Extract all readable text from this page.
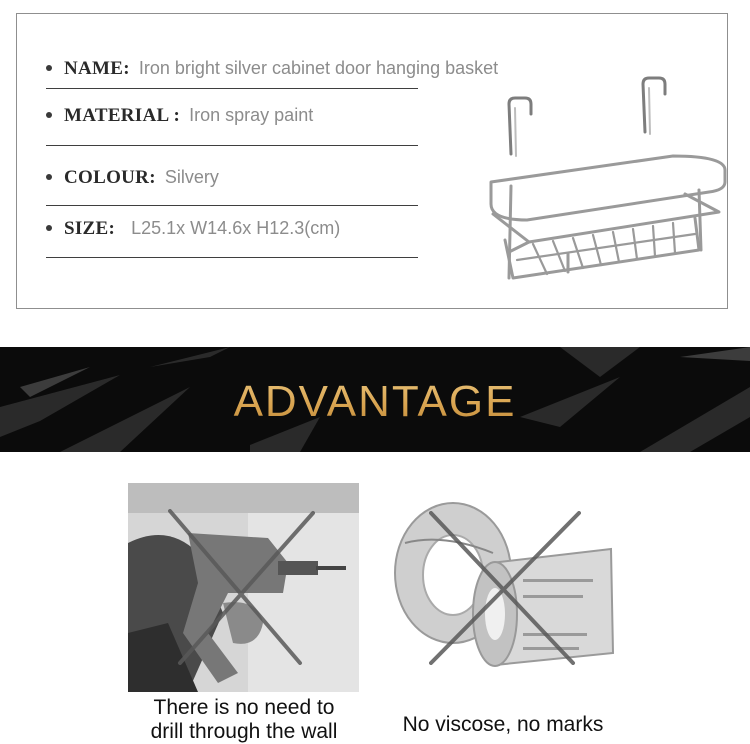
NAME: Iron bright silver cabinet door hanging basket
MATERIAL : Iron spray paint
COLOUR: Silvery
SIZE: L25.1x W14.6x H12.3(cm)
ADVANTAGE
There is no need to
drill through the wall	No viscose, no marks
